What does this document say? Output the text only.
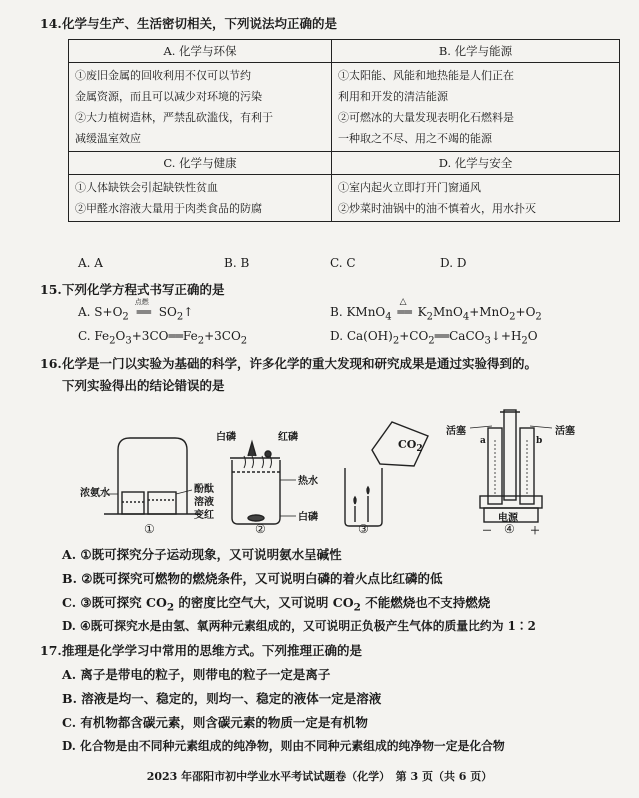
14.化学与生产、生活密切相关，下列说法均正确的是
A. 化学与环保	B. 化学与能源

①废旧金属的回收利用不仅可以节约
金属资源，而且可以减少对环境的污染
②大力植树造林，严禁乱砍滥伐，有利于
减缓温室效应	①太阳能、风能和地热能是人们正在
利用和开发的清洁能源
②可燃冰的大量发现表明化石燃料是
一种取之不尽、用之不竭的能源

C. 化学与健康	D. 化学与安全

①人体缺铁会引起缺铁性贫血
②甲醛水溶液大量用于肉类食品的防腐	①室内起火立即打开门窗通风
②炒菜时油锅中的油不慎着火，用水扑灭
A. A	B. B	C. C	D. D
15.下列化学方程式书写正确的是
A. $S+O_2$
点燃
══ $SO_2↑$	B. KMnO$_4$
△
══ $K_2MnO_4+MnO_2+O_2$
C. $Fe_2O_3+3CO══Fe_2+3CO_2$	D. $Ca(OH)_2+CO_2══CaCO_3↓+H_2O$
16.化学是一门以实验为基础的科学，许多化学的重大发现和研究成果是通过实验得到的。
下列实验得出的结论错误的是
浓氨水	酚酞
溶液
变红
①
白磷	红磷
热水
白磷
②
$CO_2$
③
活塞	活塞
a	b
电源
－	＋
④
A. ①既可探究分子运动现象，又可说明氨水呈碱性
B. ②既可探究可燃物的燃烧条件，又可说明白磷的着火点比红磷的低
C. ③既可探究 $CO_2$ 的密度比空气大，又可说明 $CO_2$ 不能燃烧也不支持燃烧
D. ④既可探究水是由氢、氧两种元素组成的，又可说明正负极产生气体的质量比约为 1∶2
17.推理是化学学习中常用的思维方式。下列推理正确的是
A. 离子是带电的粒子，则带电的粒子一定是离子
B. 溶液是均一、稳定的，则均一、稳定的液体一定是溶液
C. 有机物都含碳元素，则含碳元素的物质一定是有机物
D. 化合物是由不同种元素组成的纯净物，则由不同种元素组成的纯净物一定是化合物
2023 年邵阳市初中学业水平考试试题卷（化学）　第 3 页（共 6 页）
